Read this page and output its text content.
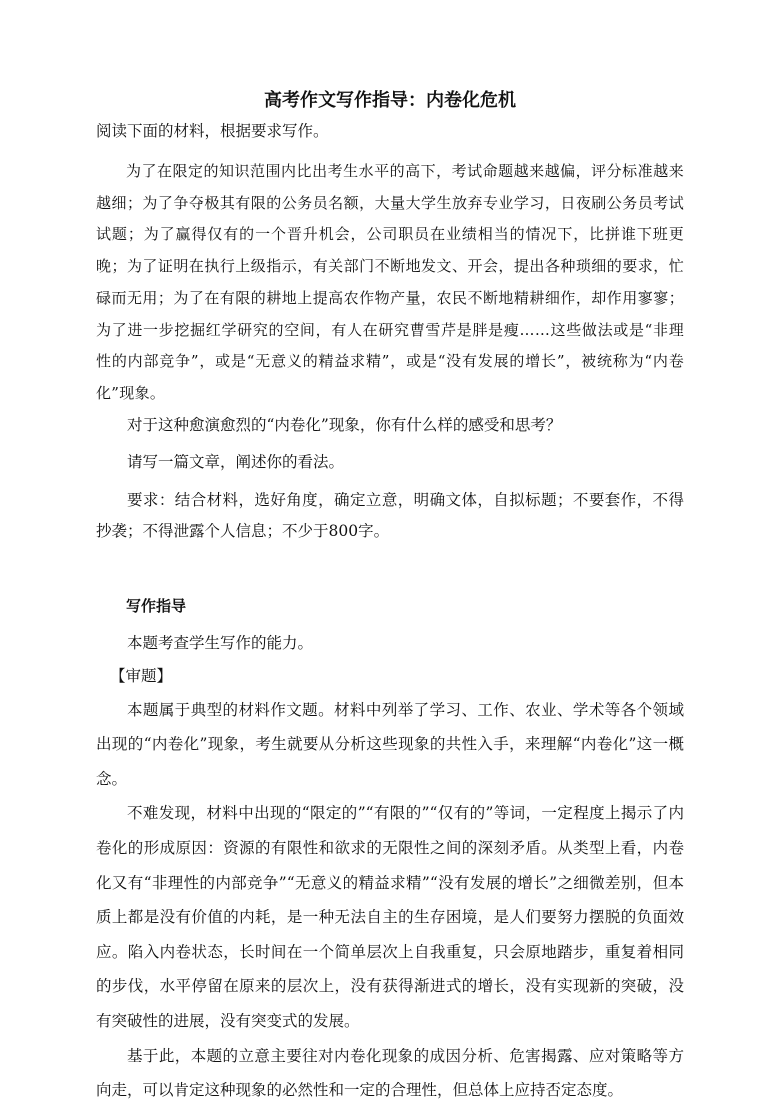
高考作文写作指导：内卷化危机

阅读下面的材料，根据要求写作。

为了在限定的知识范围内比出考生水平的高下，考试命题越来越偏，评分标准越来越细；为了争夺极其有限的公务员名额，大量大学生放弃专业学习，日夜刷公务员考试试题；为了赢得仅有的一个晋升机会，公司职员在业绩相当的情况下，比拼谁下班更晚；为了证明在执行上级指示，有关部门不断地发文、开会，提出各种琐细的要求，忙碌而无用；为了在有限的耕地上提高农作物产量，农民不断地精耕细作，却作用寥寥；为了进一步挖掘红学研究的空间，有人在研究曹雪芹是胖是瘦……这些做法或是“非理性的内部竞争”，或是“无意义的精益求精”，或是“没有发展的增长”，被统称为“内卷化”现象。

对于这种愈演愈烈的“内卷化”现象，你有什么样的感受和思考？

请写一篇文章，阐述你的看法。

要求：结合材料，选好角度，确定立意，明确文体，自拟标题；不要套作，不得抄袭；不得泄露个人信息；不少于800字。

写作指导

本题考查学生写作的能力。

【审题】

本题属于典型的材料作文题。材料中列举了学习、工作、农业、学术等各个领域出现的“内卷化”现象，考生就要从分析这些现象的共性入手，来理解“内卷化”这一概念。

不难发现，材料中出现的“限定的”“有限的”“仅有的”等词，一定程度上揭示了内卷化的形成原因：资源的有限性和欲求的无限性之间的深刻矛盾。从类型上看，内卷化又有“非理性的内部竞争”“无意义的精益求精”“没有发展的增长”之细微差别，但本质上都是没有价值的内耗，是一种无法自主的生存困境，是人们要努力摆脱的负面效应。陷入内卷状态，长时间在一个简单层次上自我重复，只会原地踏步，重复着相同的步伐，水平停留在原来的层次上，没有获得渐进式的增长，没有实现新的突破，没有突破性的进展，没有突变式的发展。

基于此，本题的立意主要往对内卷化现象的成因分析、危害揭露、应对策略等方向走，可以肯定这种现象的必然性和一定的合理性，但总体上应持否定态度。
